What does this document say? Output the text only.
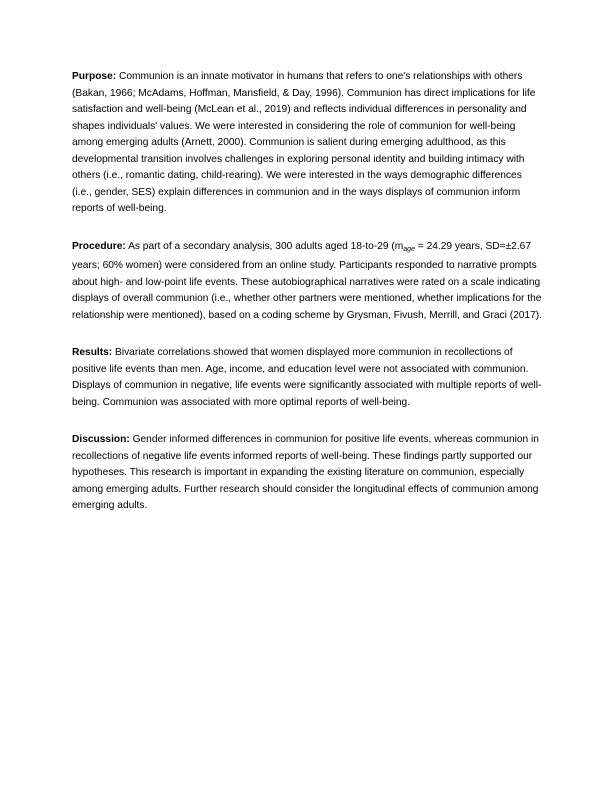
Purpose: Communion is an innate motivator in humans that refers to one's relationships with others (Bakan, 1966; McAdams, Hoffman, Mansfield, & Day, 1996). Communion has direct implications for life satisfaction and well-being (McLean et al., 2019) and reflects individual differences in personality and shapes individuals' values. We were interested in considering the role of communion for well-being among emerging adults (Arnett, 2000). Communion is salient during emerging adulthood, as this developmental transition involves challenges in exploring personal identity and building intimacy with others (i.e., romantic dating, child-rearing). We were interested in the ways demographic differences (i.e., gender, SES) explain differences in communion and in the ways displays of communion inform reports of well-being.

Procedure: As part of a secondary analysis, 300 adults aged 18-to-29 ($m_{age} = 24.29$ years, SD=±2.67 years; 60% women) were considered from an online study. Participants responded to narrative prompts about high- and low-point life events. These autobiographical narratives were rated on a scale indicating displays of overall communion (i.e., whether other partners were mentioned, whether implications for the relationship were mentioned), based on a coding scheme by Grysman, Fivush, Merrill, and Graci (2017).

Results: Bivariate correlations showed that women displayed more communion in recollections of positive life events than men. Age, income, and education level were not associated with communion. Displays of communion in negative, life events were significantly associated with multiple reports of well-being. Communion was associated with more optimal reports of well-being.

Discussion: Gender informed differences in communion for positive life events, whereas communion in recollections of negative life events informed reports of well-being. These findings partly supported our hypotheses. This research is important in expanding the existing literature on communion, especially among emerging adults. Further research should consider the longitudinal effects of communion among emerging adults.
